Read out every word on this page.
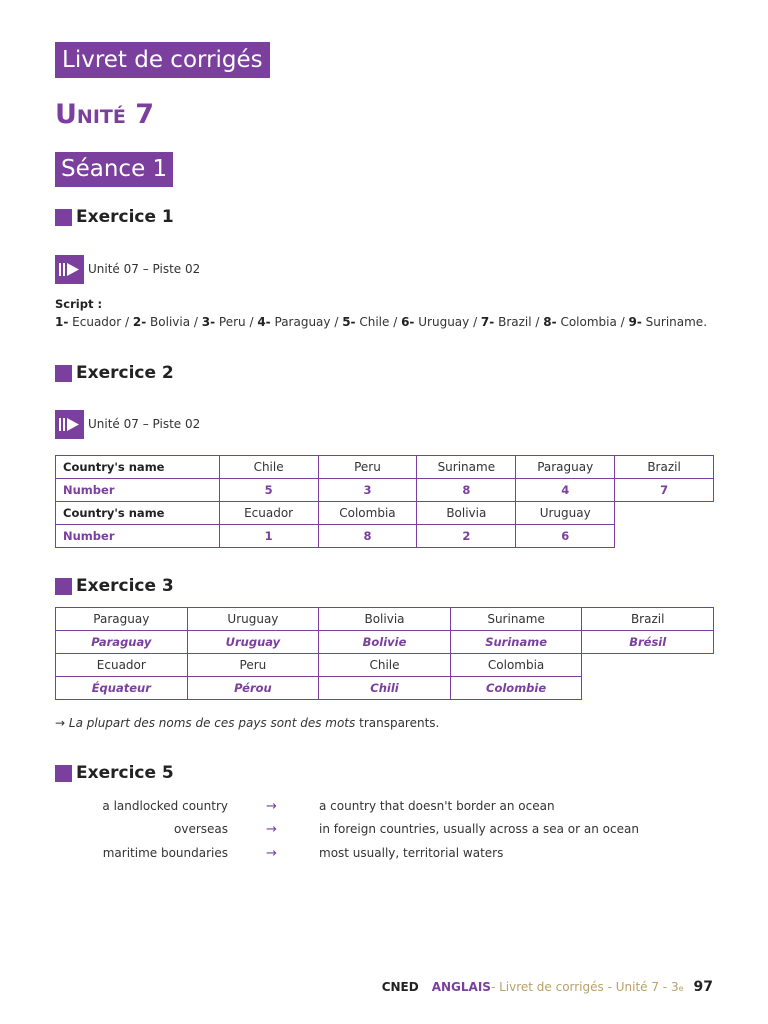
Livret de corrigés
Unité 7
Séance 1
Exercice 1
Unité 07 – Piste 02
Script :
1- Ecuador / 2- Bolivia / 3- Peru / 4- Paraguay / 5- Chile / 6- Uruguay / 7- Brazil / 8- Colombia / 9- Suriname.
Exercice 2
Unité 07 – Piste 02
Country's name	Chile	Peru	Suriname	Paraguay	Brazil
Number	5	3	8	4	7
Country's name	Ecuador	Colombia	Bolivia	Uruguay	
Number	1	8	2	6	
Exercice 3
Paraguay	Uruguay	Bolivia	Suriname	Brazil
Paraguay	Uruguay	Bolivie	Suriname	Brésil
Ecuador	Peru	Chile	Colombia	
Équateur	Pérou	Chili	Colombie	
→ La plupart des noms de ces pays sont des mots transparents.
Exercice 5
a landlocked country	→	a country that doesn't border an ocean
overseas	→	in foreign countries, usually across a sea or an ocean
maritime boundaries	→	most usually, territorial waters
CNED ANGLAIS - Livret de corrigés - Unité 7 - 3 e 97
